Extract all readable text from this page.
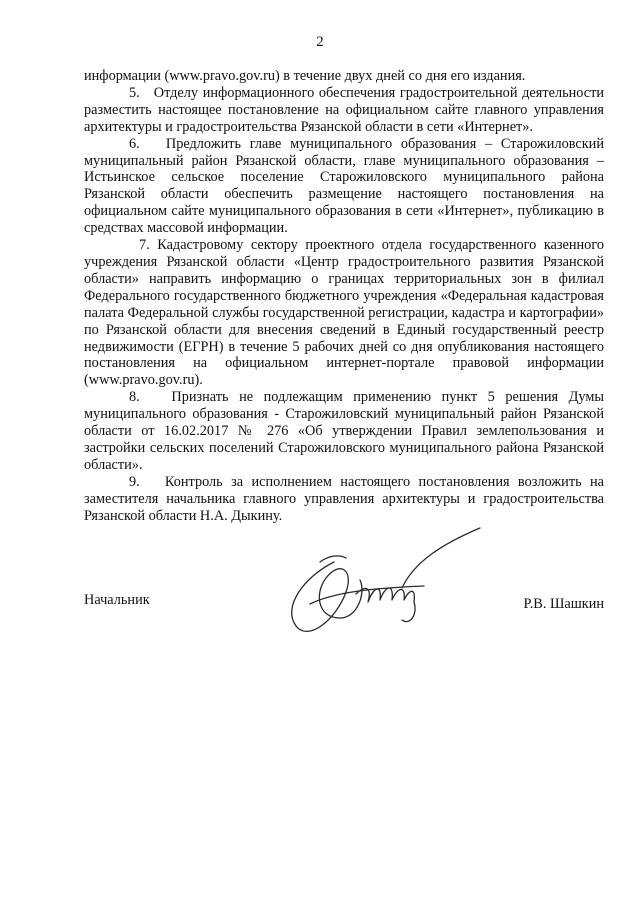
2

информации (www.pravo.gov.ru) в течение двух дней со дня его издания.

5.   Отделу информационного обеспечения градостроительной деятельности разместить настоящее постановление на официальном сайте главного управления архитектуры и градостроительства Рязанской области в сети «Интернет».

6.   Предложить главе муниципального образования – Старожиловский муниципальный район Рязанской области, главе муниципального образования – Истьинское сельское поселение Старожиловского муниципального района Рязанской области обеспечить размещение настоящего постановления на официальном сайте муниципального образования в сети «Интернет», публикацию в средствах массовой информации.

7. Кадастровому сектору проектного отдела государственного казенного учреждения Рязанской области «Центр градостроительного развития Рязанской области» направить информацию о границах территориальных зон в филиал Федерального государственного бюджетного учреждения «Федеральная кадастровая палата Федеральной службы государственной регистрации, кадастра и картографии» по Рязанской области для внесения сведений в Единый государственный реестр недвижимости (ЕГРН) в течение 5 рабочих дней со дня опубликования настоящего постановления на официальном интернет-портале правовой информации (www.pravo.gov.ru).

8.   Признать не подлежащим применению пункт 5 решения Думы муниципального образования - Старожиловский муниципальный район Рязанской области от 16.02.2017 № 276 «Об утверждении Правил землепользования и застройки сельских поселений Старожиловского муниципального района Рязанской области».

9.   Контроль за исполнением настоящего постановления возложить на заместителя начальника главного управления архитектуры и градостроительства Рязанской области Н.А. Дыкину.

Начальник	Р.В. Шашкин
